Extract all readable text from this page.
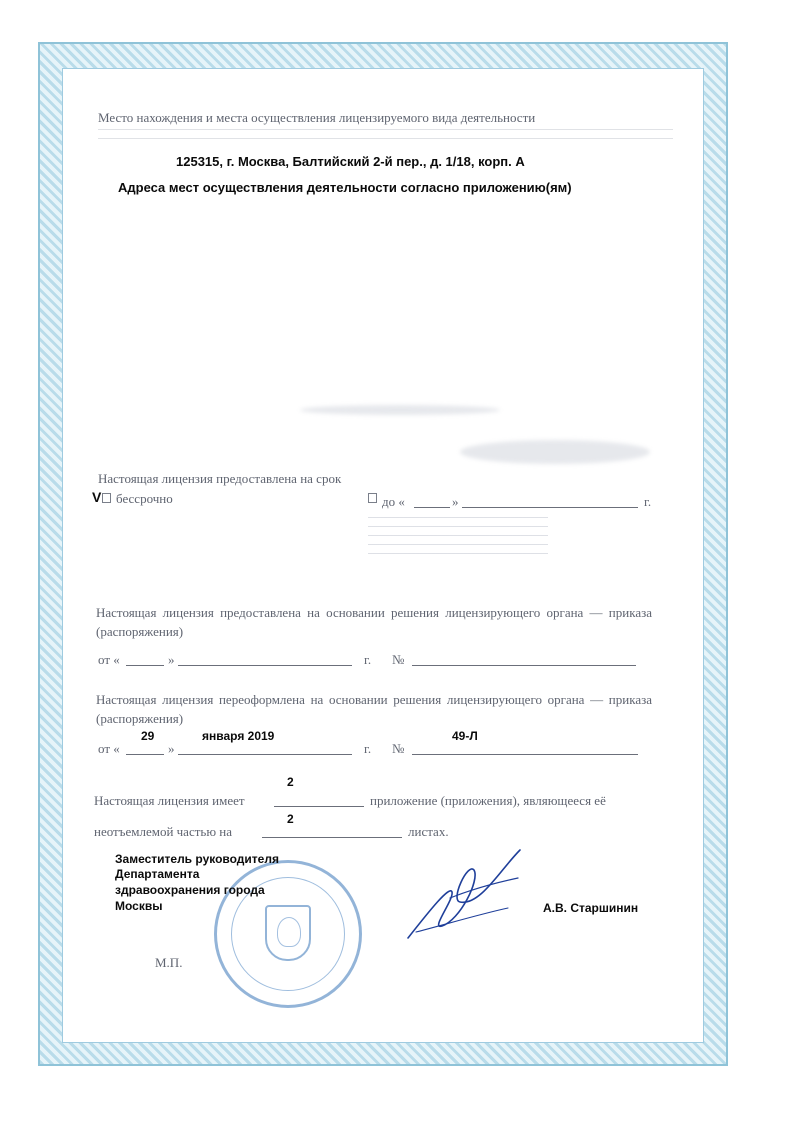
Место нахождения и места осуществления лицензируемого вида деятельности
125315, г. Москва, Балтийский 2-й пер., д. 1/18, корп. А
Адреса мест осуществления деятельности согласно приложению(ям)
Настоящая лицензия предоставлена на срок
V бессрочно	до «	»	г.
Настоящая лицензия предоставлена на основании решения лицензирующего органа — приказа (распоряжения)
от «	»	г. №
Настоящая лицензия переоформлена на основании решения лицензирующего органа — приказа (распоряжения)
29	января 2019	49-Л
от «	»	г. №
2
Настоящая лицензия имеет	приложение (приложения), являющееся её
2
неотъемлемой частью на	листах.
Заместитель руководителя
Департамента
здравоохранения города
Москвы	А.В. Старшинин
М.П.
